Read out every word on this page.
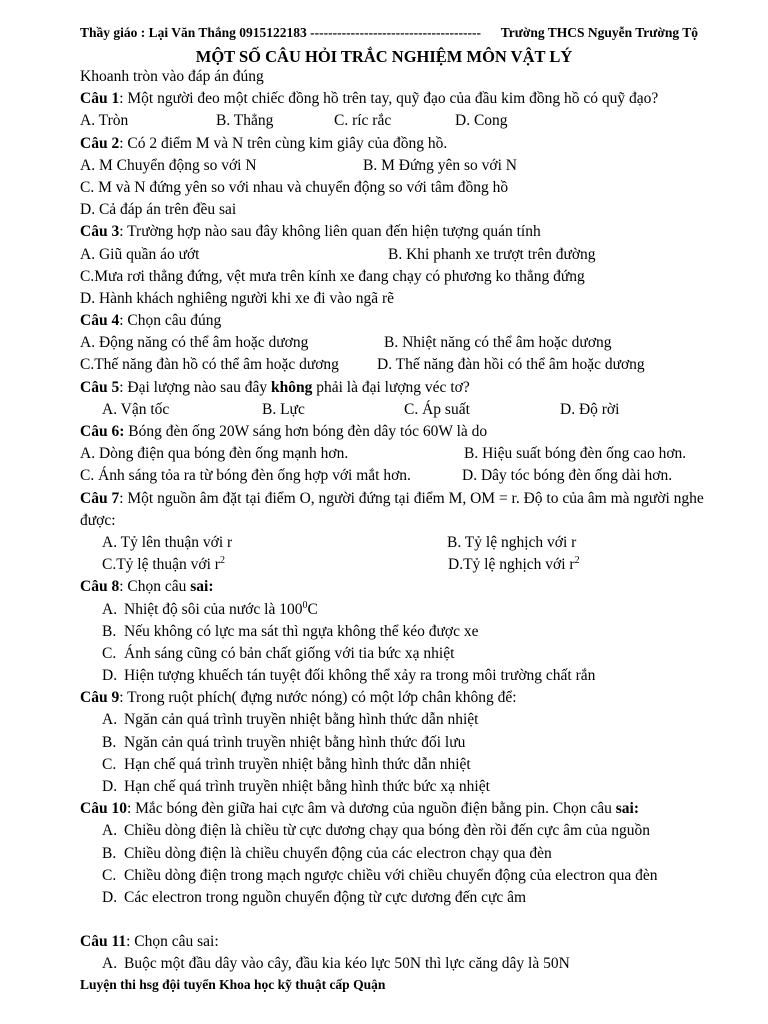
Thầy giáo : Lại Văn Thắng 0915122183 -------------------------------------- Trường THCS Nguyễn Trường Tộ
MỘT SỐ CÂU HỎI TRẮC NGHIỆM MÔN VẬT LÝ
Khoanh tròn vào đáp án đúng
Câu 1: Một người đeo một chiếc đồng hồ trên tay, quỹ đạo của đầu kim đồng hồ có quỹ đạo?
A. Tròn	B. Thẳng	C. ríc rắc	D. Cong
Câu 2: Có 2 điểm M và N trên cùng kim giây của đồng hồ.
A. M Chuyển động so với N	B. M Đứng yên so với N
C. M và N đứng yên so với nhau và chuyển động so với tâm đồng hồ
D. Cả đáp án trên đều sai
Câu 3: Trường hợp nào sau đây không liên quan đến hiện tượng quán tính
A. Giũ quần áo ướt	B. Khi phanh xe trượt trên đường
C.Mưa rơi thẳng đứng, vệt mưa trên kính xe đang chạy có phương ko thẳng đứng
D. Hành khách nghiêng người khi xe đi vào ngã rẽ
Câu 4: Chọn câu đúng
A. Động năng có thể âm hoặc dương	B. Nhiệt năng có thể âm hoặc dương
C.Thế năng đàn hồ có thể âm hoặc dương D. Thế năng đàn hồi có thể âm hoặc dương
Câu 5: Đại lượng nào sau đây không phải là đại lượng véc tơ?
A. Vận tốc	B. Lực	C. Áp suất	D. Độ rời
Câu 6: Bóng đèn ống 20W sáng hơn bóng đèn dây tóc 60W là do
A. Dòng điện qua bóng đèn ống mạnh hơn.	B. Hiệu suất bóng đèn ống cao hơn.
C. Ánh sáng tỏa ra từ bóng đèn ống hợp với mắt hơn.	D. Dây tóc bóng đèn ống dài hơn.
Câu 7: Một nguồn âm đặt tại điểm O, người đứng tại điểm M, OM = r. Độ to của âm mà người nghe được:
A. Tỷ lên thuận với r	B. Tỷ lệ nghịch với r
C.Tỷ lệ thuận với $r^2$	D.Tỷ lệ nghịch với $r^2$
Câu 8: Chọn câu sai:
A. Nhiệt độ sôi của nước là $100^0C$
B. Nếu không có lực ma sát thì ngựa không thể kéo được xe
C. Ánh sáng cũng có bản chất giống với tia bức xạ nhiệt
D. Hiện tượng khuếch tán tuyệt đối không thể xảy ra trong môi trường chất rắn
Câu 9: Trong ruột phích( đựng nước nóng) có một lớp chân không để:
A. Ngăn cản quá trình truyền nhiệt bằng hình thức dẫn nhiệt
B. Ngăn cản quá trình truyền nhiệt bằng hình thức đối lưu
C. Hạn chế quá trình truyền nhiệt bằng hình thức dẫn nhiệt
D. Hạn chế quá trình truyền nhiệt bằng hình thức bức xạ nhiệt
Câu 10: Mắc bóng đèn giữa hai cực âm và dương của nguồn điện bằng pin. Chọn câu sai:
A. Chiều dòng điện là chiều từ cực dương chạy qua bóng đèn rồi đến cực âm của nguồn
B. Chiều dòng điện là chiều chuyển động của các electron chạy qua đèn
C. Chiều dòng điện trong mạch ngược chiều với chiều chuyển động của electron qua đèn
D. Các electron trong nguồn chuyển động từ cực dương đến cực âm
Câu 11: Chọn câu sai:
A. Buộc một đầu dây vào cây, đầu kia kéo lực 50N thì lực căng dây là 50N
Luyện thi hsg đội tuyển Khoa học kỹ thuật cấp Quận
